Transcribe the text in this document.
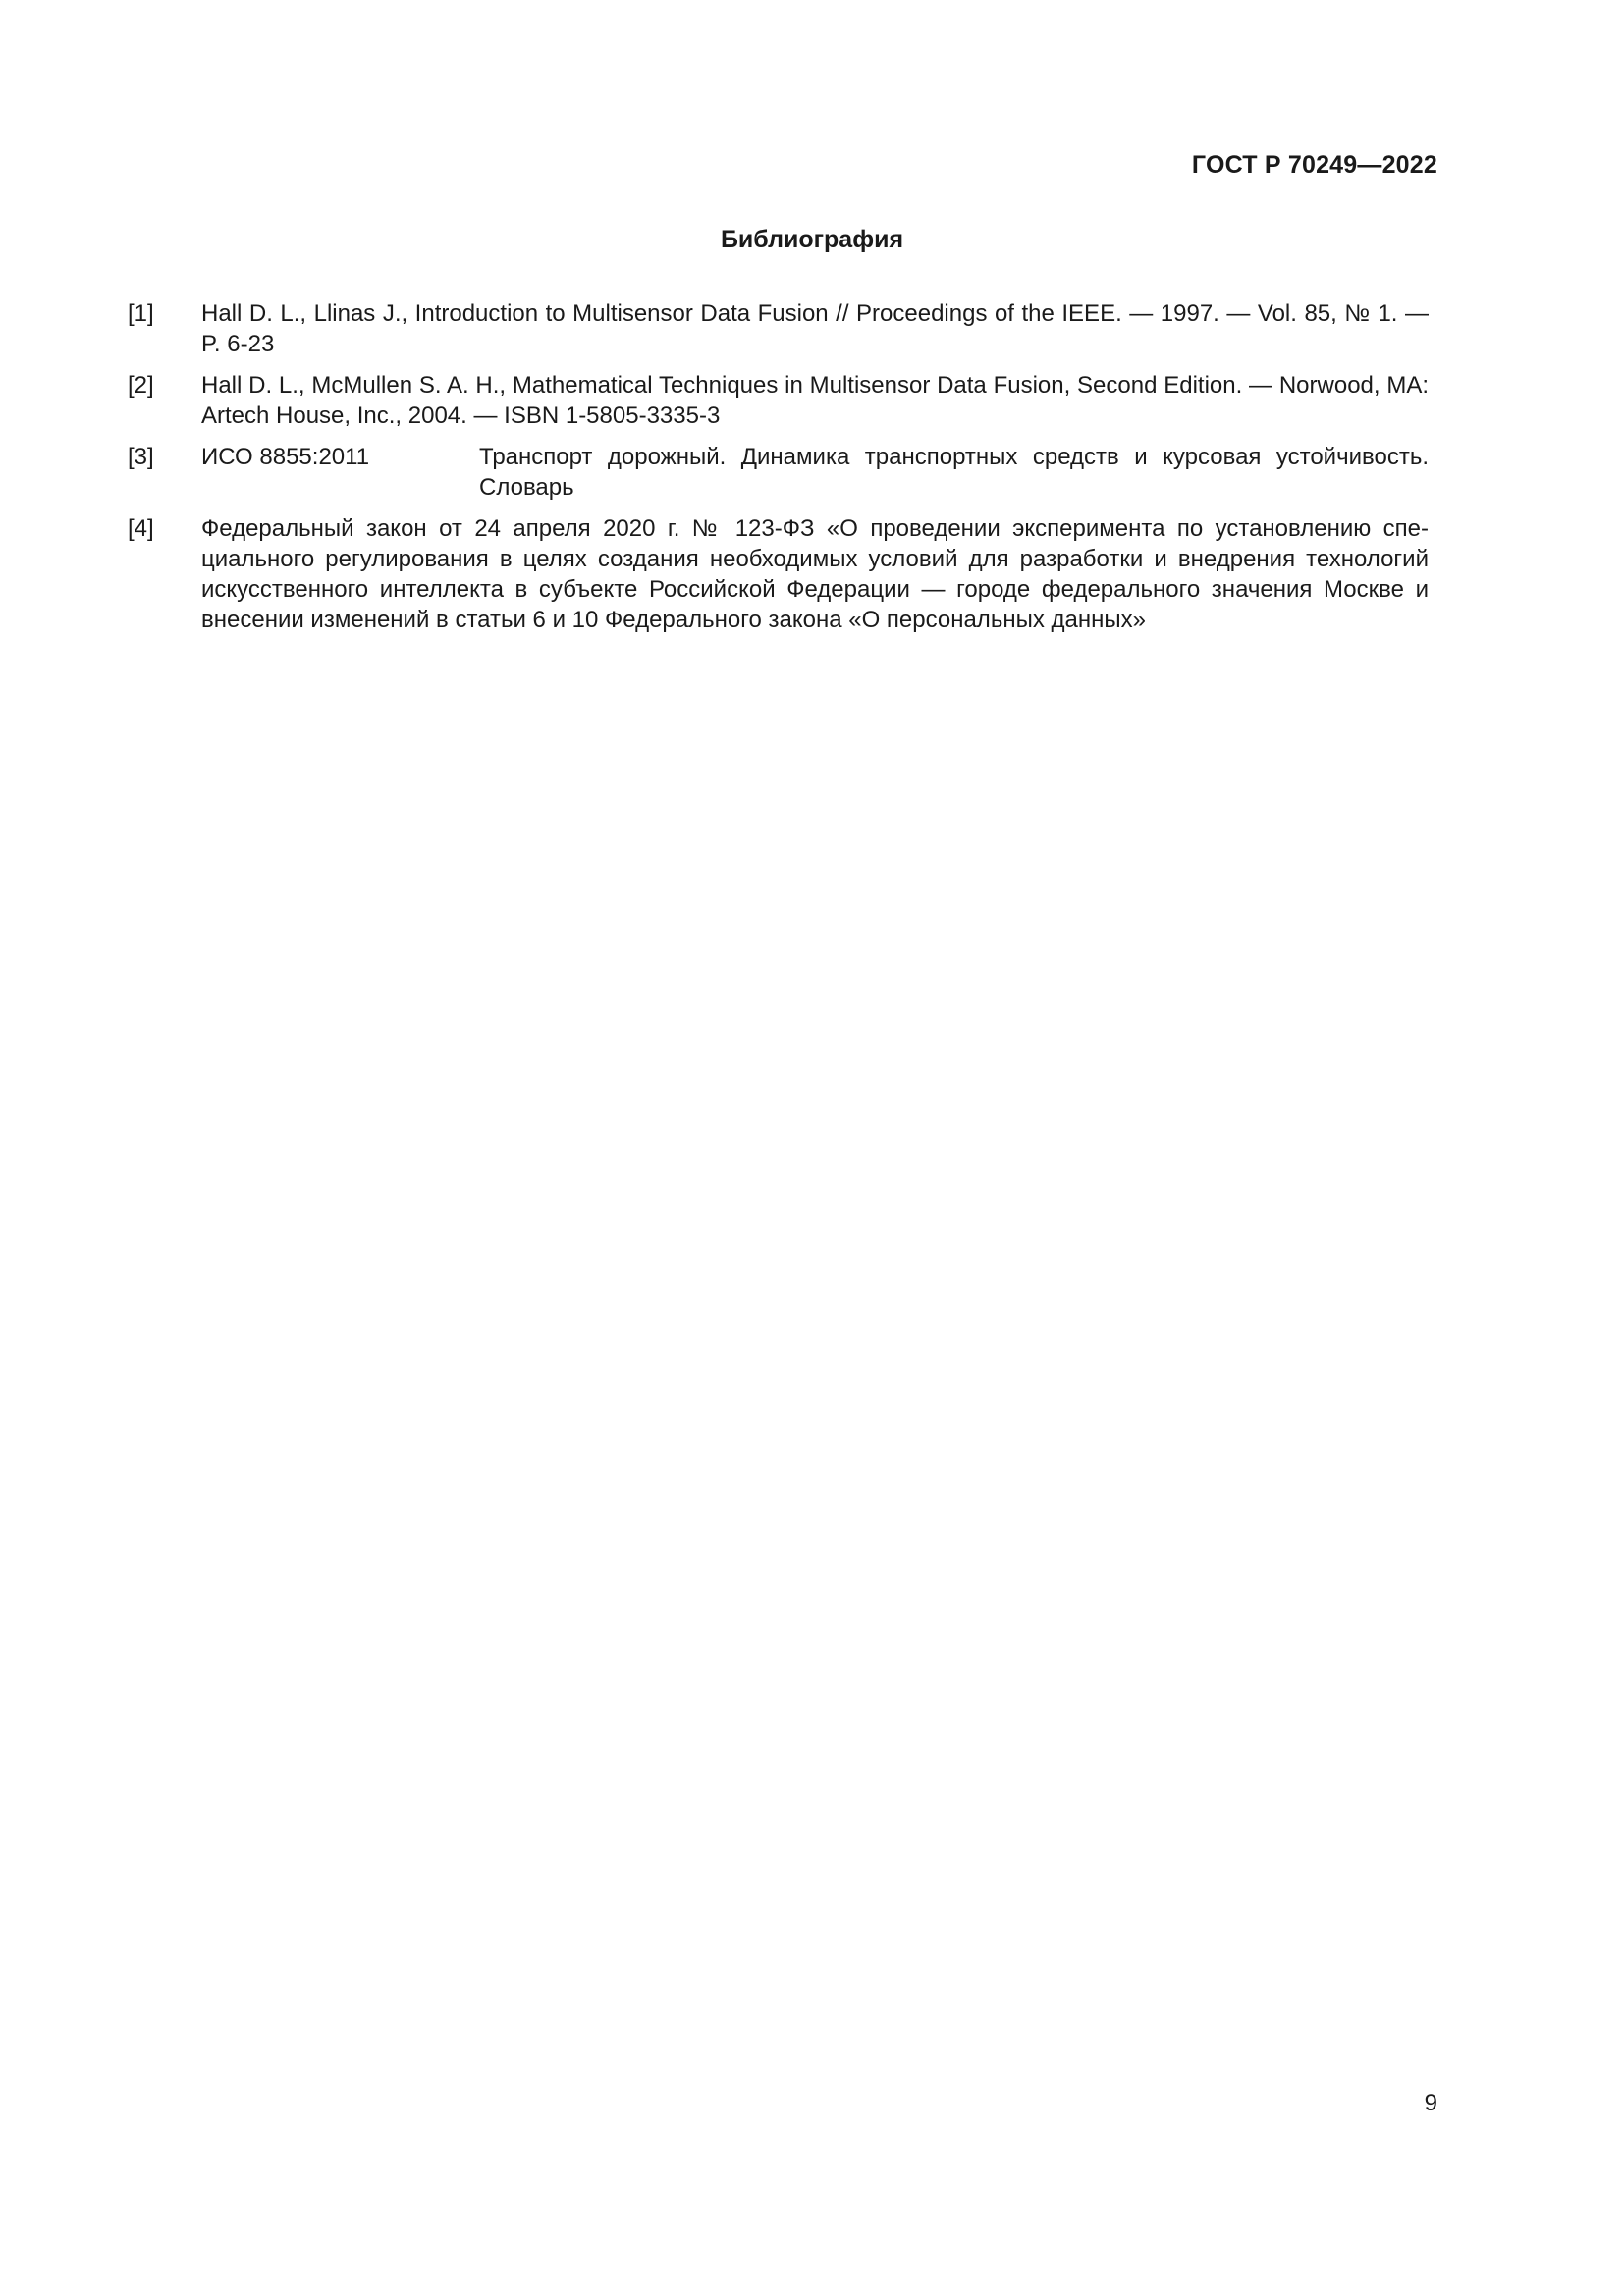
ГОСТ Р 70249—2022
Библиография
[1] Hall D. L., Llinas J., Introduction to Multisensor Data Fusion // Proceedings of the IEEE. — 1997. — Vol. 85, № 1. — P. 6-23
[2] Hall D. L., McMullen S. A. H., Mathematical Techniques in Multisensor Data Fusion, Second Edition. — Norwood, MA: Artech House, Inc., 2004. — ISBN 1-5805-3335-3
[3] ИСО 8855:2011	Транспорт дорожный. Динамика транспортных средств и курсовая устойчивость. Словарь
[4] Федеральный закон от 24 апреля 2020 г. № 123-ФЗ «О проведении эксперимента по установлению специального регулирования в целях создания необходимых условий для разработки и внедрения технологий искусственного интеллекта в субъекте Российской Федерации — городе федерального значения Москве и внесении изменений в статьи 6 и 10 Федерального закона «О персональных данных»
9
